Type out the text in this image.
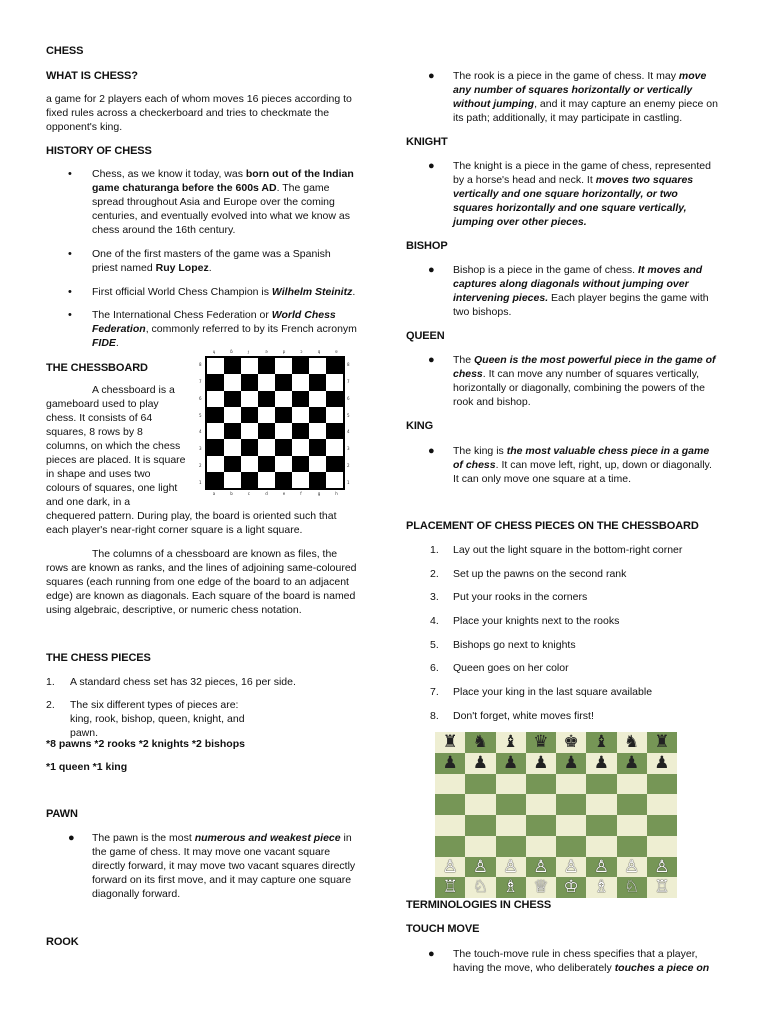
CHESS

WHAT IS CHESS?

a game for 2 players each of whom moves 16 pieces according to fixed rules across a checkerboard and tries to checkmate the opponent's king.

HISTORY OF CHESS

• Chess, as we know it today, was born out of the Indian game chaturanga before the 600s AD. The game spread throughout Asia and Europe over the coming centuries, and eventually evolved into what we know as chess around the 16th century.

• One of the first masters of the game was a Spanish priest named Ruy Lopez.

• First official World Chess Champion is Wilhelm Steinitz.

• The International Chess Federation or World Chess Federation, commonly referred to by its French acronym FIDE.

THE CHESSBOARD

A chessboard is a gameboard used to play chess. It consists of 64 squares, 8 rows by 8 columns, on which the chess pieces are placed. It is square in shape and uses two colours of squares, one light and one dark, in a

chequered pattern. During play, the board is oriented such that each player's near-right corner square is a light square.

The columns of a chessboard are known as files, the rows are known as ranks, and the lines of adjoining same-coloured squares (each running from one edge of the board to an adjacent edge) are known as diagonals. Each square of the board is named using algebraic, descriptive, or numeric chess notation.

THE CHESS PIECES

1. A standard chess set has 32 pieces, 16 per side.

2. The six different types of pieces are: king, rook, bishop, queen, knight, and pawn.

*8 pawns *2 rooks *2 knights *2 bishops

*1 queen *1 king

PAWN

● The pawn is the most numerous and weakest piece in the game of chess. It may move one vacant square directly forward, it may move two vacant squares directly forward on its first move, and it may capture one square diagonally forward.

ROOK

a
ɥ
b
ɓ
c
ɟ
d
ǝ
e
p
f
ɔ
g
q
h
ɐ
8	8
7	7
6	6
5	5
4	4
3	3
2	2
1	1
● The rook is a piece in the game of chess. It may move any number of squares horizontally or vertically without jumping, and it may capture an enemy piece on its path; additionally, it may participate in castling.

KNIGHT

● The knight is a piece in the game of chess, represented by a horse's head and neck. It moves two squares vertically and one square horizontally, or two squares horizontally and one square vertically, jumping over other pieces.

BISHOP

● Bishop is a piece in the game of chess. It moves and captures along diagonals without jumping over intervening pieces. Each player begins the game with two bishops.

QUEEN

● The Queen is the most powerful piece in the game of chess. It can move any number of squares vertically, horizontally or diagonally, combining the powers of the rook and bishop.

KING

● The king is the most valuable chess piece in a game of chess. It can move left, right, up, down or diagonally. It can only move one square at a time.

PLACEMENT OF CHESS PIECES ON THE CHESSBOARD

1. Lay out the light square in the bottom-right corner

2. Set up the pawns on the second rank

3. Put your rooks in the corners

4. Place your knights next to the rooks

5. Bishops go next to knights

6. Queen goes on her color

7. Place your king in the last square available

8. Don't forget, white moves first!

TERMINOLOGIES IN CHESS

TOUCH MOVE

● The touch-move rule in chess specifies that a player, having the move, who deliberately touches a piece on

♜ ♞ ♝ ♛ ♚ ♝ ♞ ♜
♟ ♟ ♟ ♟ ♟ ♟ ♟ ♟
♙ ♙ ♙ ♙ ♙ ♙ ♙ ♙
♖ ♘ ♗ ♕ ♔ ♗ ♘ ♖
